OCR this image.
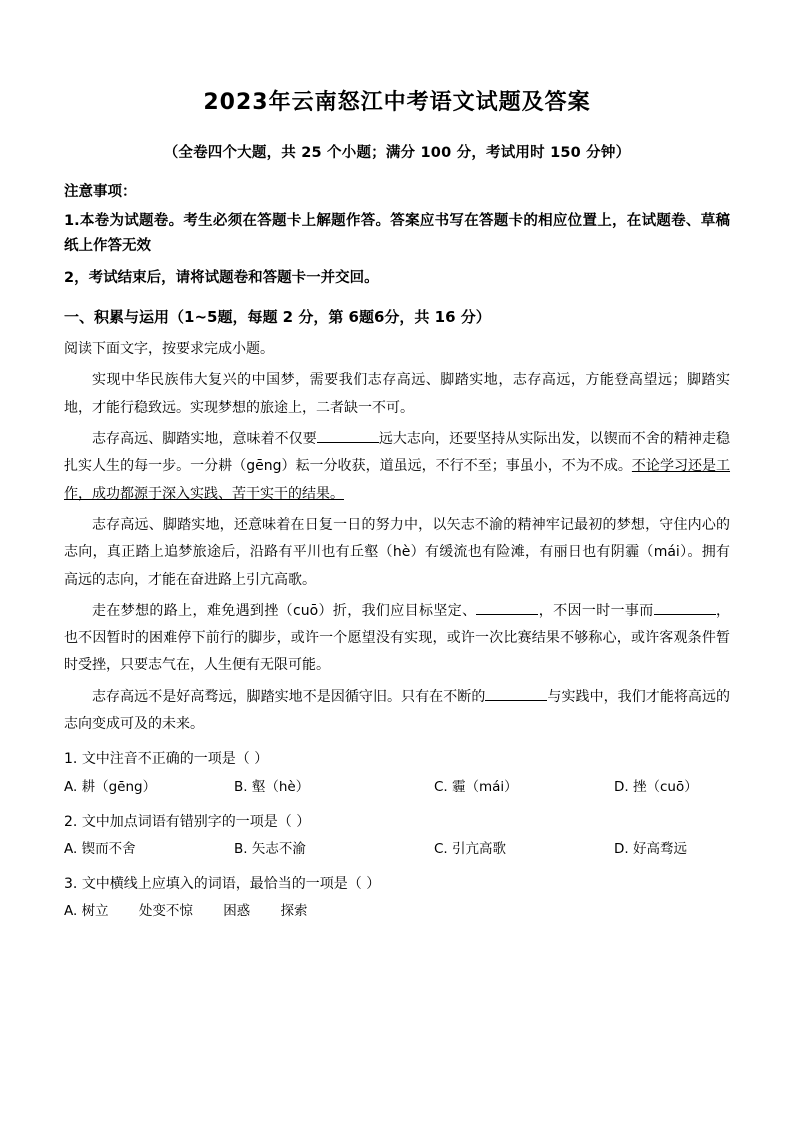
2023年云南怒江中考语文试题及答案
（全卷四个大题，共 25 个小题；满分 100 分，考试用时 150 分钟）
注意事项：
1.本卷为试题卷。考生必须在答题卡上解题作答。答案应书写在答题卡的相应位置上，在试题卷、草稿纸上作答无效
2，考试结束后，请将试题卷和答题卡一并交回。
一、积累与运用（1~5题，每题 2 分，第 6题6分，共 16 分）
阅读下面文字，按要求完成小题。

实现中华民族伟大复兴的中国梦，需要我们志存高远、脚踏实地，志存高远，方能登高望远；脚踏实地，才能行稳致远。实现梦想的旅途上，二者缺一不可。

志存高远、脚踏实地，意味着不仅要	远大志向，还要坚持从实际出发，以锲而不舍的精神走稳扎实人生的每一步。一分耕（gēng）耘一分收获，道虽远，不行不至；事虽小，不为不成。不论学习还是工作，成功都源于深入实践、苦干实干的结果。

志存高远、脚踏实地，还意味着在日复一日的努力中，以矢志不渝的精神牢记最初的梦想，守住内心的志向，真正踏上追梦旅途后，沿路有平川也有丘壑（hè）有缓流也有险滩，有丽日也有阴霾（mái）。拥有高远的志向，才能在奋进路上引亢高歌。

走在梦想的路上，难免遇到挫（cuō）折，我们应目标坚定、	，不因一时一事而	，也不因暂时的困难停下前行的脚步，或许一个愿望没有实现，或许一次比赛结果不够称心，或许客观条件暂时受挫，只要志气在，人生便有无限可能。

志存高远不是好高骛远，脚踏实地不是因循守旧。只有在不断的	与实践中，我们才能将高远的志向变成可及的未来。

1. 文中注音不正确的一项是（ ）
A. 耕（gēng）	B. 壑（hè）	C. 霾（mái）	D. 挫（cuō）
2. 文中加点词语有错别字的一项是（ ）
A. 锲而不舍	B. 矢志不渝	C. 引亢高歌	D. 好高骛远
3. 文中横线上应填入的词语，最恰当的一项是（ ）
A. 树立 处变不惊 困惑 探索
